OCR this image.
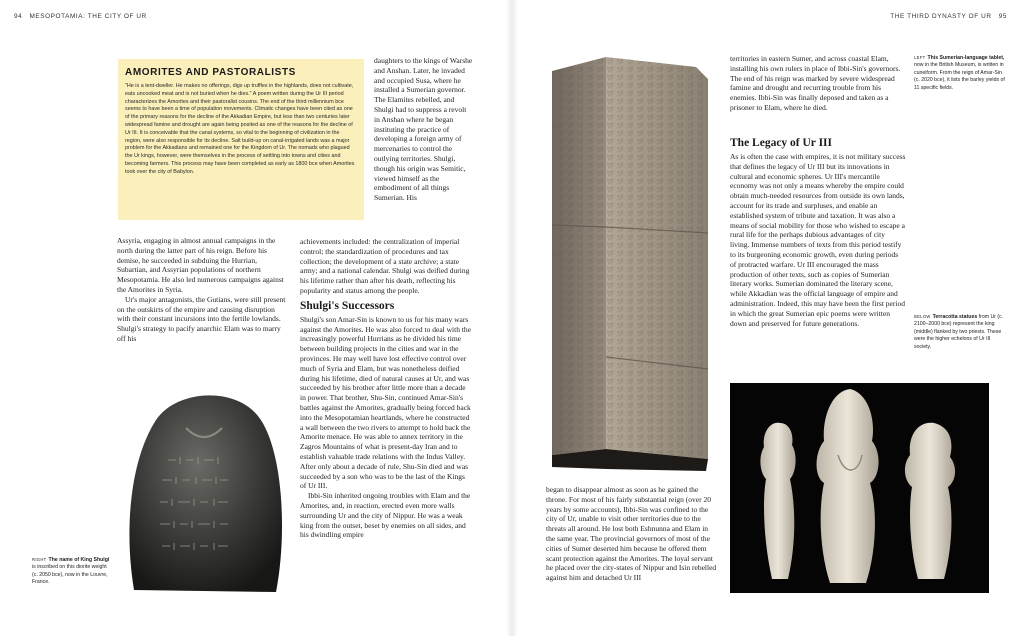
94 MESOPOTAMIA: THE CITY OF UR	THE THIRD DYNASTY OF UR 95
AMORITES AND PASTORALISTS

"He is a tent-dweller. He makes no offerings, digs up truffles in the highlands, does not cultivate, eats uncooked meat and is not buried when he dies." A poem written during the Ur III period characterizes the Amorites and their pastoralist cousins. The end of the third millennium bce seems to have been a time of population movements. Climatic changes have been cited as one of the primary reasons for the decline of the Akkadian Empire, but less than two centuries later widespread famine and drought are again being posited as one of the reasons for the decline of Ur III. It is conceivable that the canal systems, so vital to the beginning of civilization in the region, were also responsible for its decline. Salt build-up on canal-irrigated lands was a major problem for the Akkadians and remained one for the Kingdom of Ur. The nomads who plagued the Ur kings, however, were themselves in the process of settling into towns and cities and becoming farmers. This process may have been completed as early as 1800 bce when Amorites took over the city of Babylon.

Assyria, engaging in almost annual campaigns in the north during the latter part of his reign. Before his demise, he succeeded in subduing the Hurrian, Subartian, and Assyrian populations of northern Mesopotamia. He also led numerous campaigns against the Amorites in Syria.

Ur's major antagonists, the Gutians, were still present on the outskirts of the empire and causing disruption with their constant incursions into the fertile lowlands. Shulgi's strategy to pacify anarchic Elam was to marry off his

daughters to the kings of Warshe and Anshan. Later, he invaded and occupied Susa, where he installed a Sumerian governor. The Elamites rebelled, and Shulgi had to suppress a revolt in Anshan where he began instituting the practice of developing a foreign army of mercenaries to control the outlying territories. Shulgi, though his origin was Semitic, viewed himself as the embodiment of all things Sumerian. His

achievements included: the centralization of imperial control; the standardization of procedures and tax collection; the development of a state archive; a state army; and a national calendar. Shulgi was deified during his lifetime rather than after his death, reflecting his popularity and status among the people.

Shulgi's Successors

Shulgi's son Amar-Sin is known to us for his many wars against the Amorites. He was also forced to deal with the increasingly powerful Hurrians as he divided his time between building projects in the cities and war in the provinces. He may well have lost effective control over much of Syria and Elam, but was nonetheless deified during his lifetime, died of natural causes at Ur, and was succeeded by his brother after little more than a decade in power. That brother, Shu-Sin, continued Amar-Sin's battles against the Amorites, gradually being forced back into the Mesopotamian heartlands, where he constructed a wall between the two rivers to attempt to hold back the Amorite menace. He was able to annex territory in the Zagros Mountains of what is present-day Iran and to establish valuable trade relations with the Indus Valley. After only about a decade of rule, Shu-Sin died and was succeeded by a son who was to be the last of the Kings of Ur III.

Ibbi-Sin inherited ongoing troubles with Elam and the Amorites, and, in reaction, erected even more walls surrounding Ur and the city of Nippur. He was a weak king from the outset, beset by enemies on all sides, and his dwindling empire

RIGHT The name of King Shulgi is inscribed on this diorite weight (c. 2050 bce), now in the Louvre, France.

territories in eastern Sumer, and across coastal Elam, installing his own rulers in place of Ibbi-Sin's governors. The end of his reign was marked by severe widespread famine and drought and recurring trouble from his enemies. Ibbi-Sin was finally deposed and taken as a prisoner to Elam, where he died.

The Legacy of Ur III

As is often the case with empires, it is not military success that defines the legacy of Ur III but its innovations in cultural and economic spheres. Ur III's mercantile economy was not only a means whereby the empire could obtain much-needed resources from outside its own lands, account for its trade and surpluses, and enable an established system of tribute and taxation. It was also a means of social mobility for those who wished to escape a rural life for the perhaps dubious advantages of city living. Immense numbers of texts from this period testify to its burgeoning economic growth, even during periods of protracted warfare. Ur III encouraged the mass production of other texts, such as copies of Sumerian literary works. Sumerian dominated the literary scene, while Akkadian was the official language of empire and administration. Indeed, this may have been the first period in which the great Sumerian epic poems were written down and preserved for future generations.

LEFT This Sumerian-language tablet, now in the British Museum, is written in cuneiform. From the reign of Amar-Sin (c. 2020 bce), it lists the barley yields of 11 specific fields.
BELOW Terracotta statues from Ur (c. 2100–2000 bce) represent the king (middle) flanked by two priests. These were the higher echelons of Ur III society.

began to disappear almost as soon as he gained the throne. For most of his fairly substantial reign (over 20 years by some accounts), Ibbi-Sin was confined to the city of Ur, unable to visit other territories due to the threats all around. He lost both Eshnunna and Elam in the same year. The provincial governors of most of the cities of Sumer deserted him because he offered them scant protection against the Amorites. The loyal servant he placed over the city-states of Nippur and Isin rebelled against him and detached Ur III
